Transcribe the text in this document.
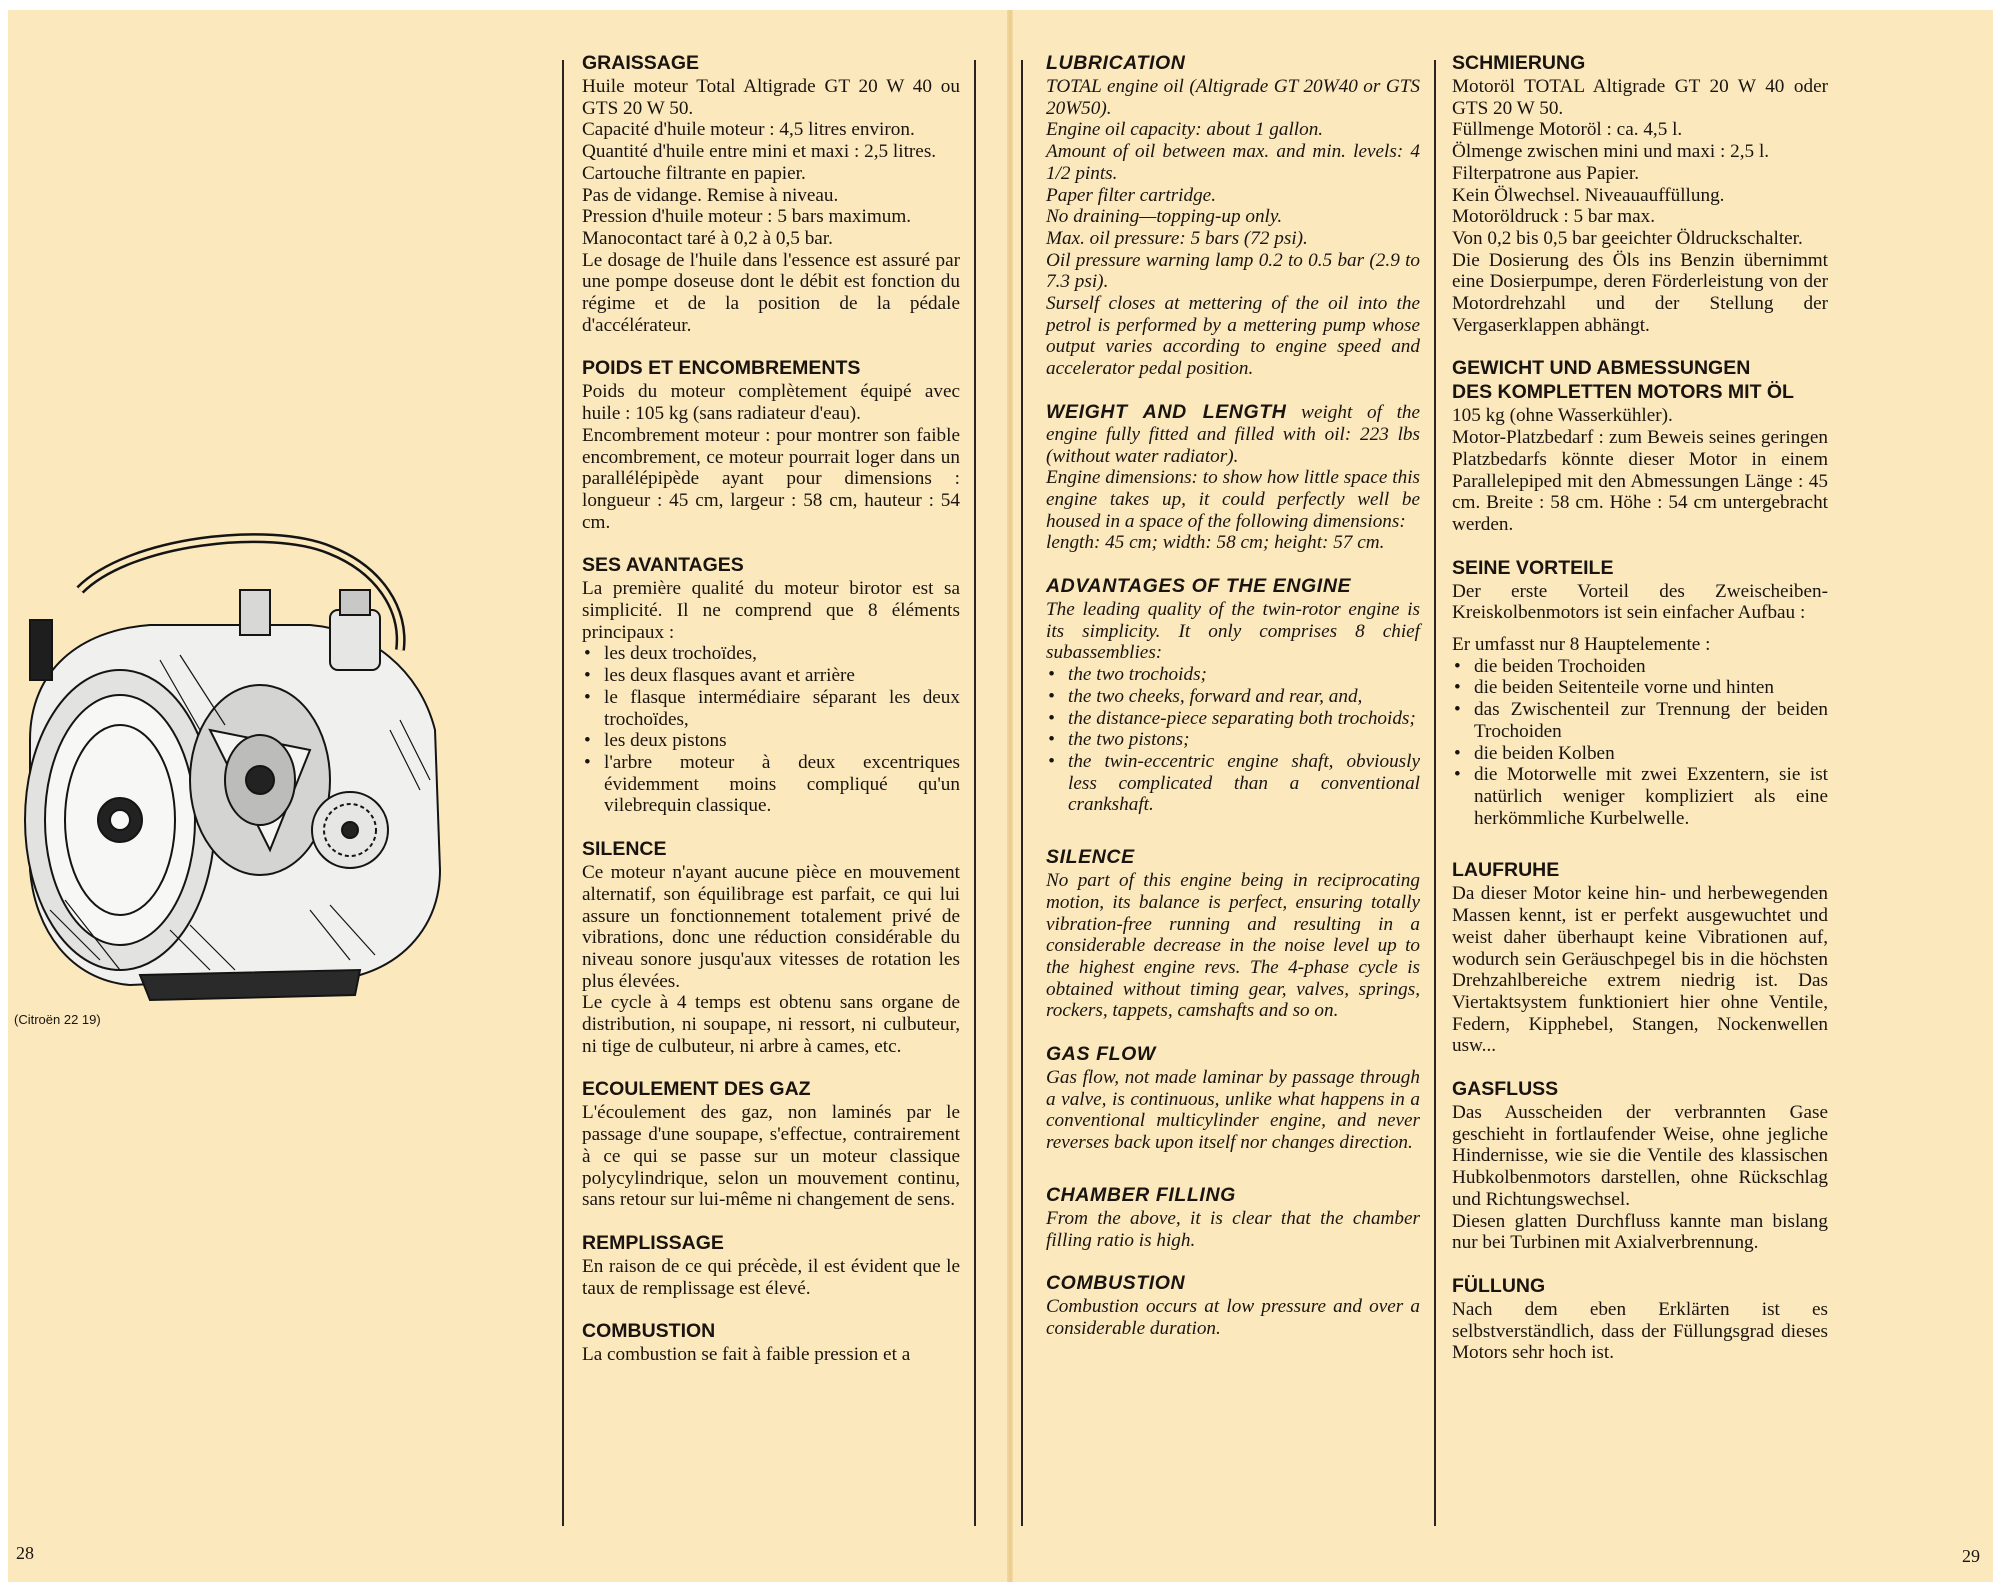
(Citroën 22 19)
GRAISSAGE

Huile moteur Total Altigrade GT 20 W 40 ou GTS 20 W 50.

Capacité d'huile moteur : 4,5 litres environ.

Quantité d'huile entre mini et maxi : 2,5 litres.

Cartouche filtrante en papier.

Pas de vidange. Remise à niveau.

Pression d'huile moteur : 5 bars maximum.

Manocontact taré à 0,2 à 0,5 bar.

Le dosage de l'huile dans l'essence est assuré par une pompe doseuse dont le débit est fonction du régime et de la position de la pédale d'accélérateur.

POIDS ET ENCOMBREMENTS

Poids du moteur complètement équipé avec huile : 105 kg (sans radiateur d'eau).

Encombrement moteur : pour montrer son faible encombrement, ce moteur pourrait loger dans un parallélépipède ayant pour dimensions : longueur : 45 cm, largeur : 58 cm, hauteur : 54 cm.

SES AVANTAGES

La première qualité du moteur birotor est sa simplicité. Il ne comprend que 8 éléments principaux :

• les deux trochoïdes,
• les deux flasques avant et arrière
• le flasque intermédiaire séparant les deux trochoïdes,
• les deux pistons
• l'arbre moteur à deux excentriques évidemment moins compliqué qu'un vilebrequin classique.
SILENCE

Ce moteur n'ayant aucune pièce en mouvement alternatif, son équilibrage est parfait, ce qui lui assure un fonctionnement totalement privé de vibrations, donc une réduction considérable du niveau sonore jusqu'aux vitesses de rotation les plus élevées.

Le cycle à 4 temps est obtenu sans organe de distribution, ni soupape, ni ressort, ni culbuteur, ni tige de culbuteur, ni arbre à cames, etc.

ECOULEMENT DES GAZ

L'écoulement des gaz, non laminés par le passage d'une soupape, s'effectue, contrairement à ce qui se passe sur un moteur classique polycylindrique, selon un mouvement continu, sans retour sur lui-même ni changement de sens.

REMPLISSAGE

En raison de ce qui précède, il est évident que le taux de remplissage est élevé.

COMBUSTION

La combustion se fait à faible pression et a

LUBRICATION

TOTAL engine oil (Altigrade GT 20W40 or GTS 20W50).

Engine oil capacity: about 1 gallon.

Amount of oil between max. and min. levels: 4 1/2 pints.

Paper filter cartridge.

No draining—topping-up only.

Max. oil pressure: 5 bars (72 psi).

Oil pressure warning lamp 0.2 to 0.5 bar (2.9 to 7.3 psi).

Surself closes at mettering of the oil into the petrol is performed by a mettering pump whose output varies according to engine speed and accelerator pedal position.

WEIGHT AND LENGTH weight of the engine fully fitted and filled with oil: 223 lbs (without water radiator).

Engine dimensions: to show how little space this engine takes up, it could perfectly well be housed in a space of the following dimensions:

length: 45 cm; width: 58 cm; height: 57 cm.

ADVANTAGES OF THE ENGINE

The leading quality of the twin-rotor engine is its simplicity. It only comprises 8 chief subassemblies:

• the two trochoids;
• the two cheeks, forward and rear, and,
• the distance-piece separating both trochoids;
• the two pistons;
• the twin-eccentric engine shaft, obviously less complicated than a conventional crankshaft.
SILENCE

No part of this engine being in reciprocating motion, its balance is perfect, ensuring totally vibration-free running and resulting in a considerable decrease in the noise level up to the highest engine revs. The 4-phase cycle is obtained without timing gear, valves, springs, rockers, tappets, camshafts and so on.

GAS FLOW

Gas flow, not made laminar by passage through a valve, is continuous, unlike what happens in a conventional multicylinder engine, and never reverses back upon itself nor changes direction.

CHAMBER FILLING

From the above, it is clear that the chamber filling ratio is high.

COMBUSTION

Combustion occurs at low pressure and over a considerable duration.

SCHMIERUNG

Motoröl TOTAL Altigrade GT 20 W 40 oder GTS 20 W 50.

Füllmenge Motoröl : ca. 4,5 l.

Ölmenge zwischen mini und maxi : 2,5 l.

Filterpatrone aus Papier.

Kein Ölwechsel. Niveauauffüllung.

Motoröldruck : 5 bar max.

Von 0,2 bis 0,5 bar geeichter Öldruckschalter.

Die Dosierung des Öls ins Benzin übernimmt eine Dosierpumpe, deren Förderleistung von der Motordrehzahl und der Stellung der Vergaserklappen abhängt.

GEWICHT UND ABMESSUNGEN
DES KOMPLETTEN MOTORS MIT ÖL

105 kg (ohne Wasserkühler).

Motor-Platzbedarf : zum Beweis seines geringen Platzbedarfs könnte dieser Motor in einem Parallelepiped mit den Abmessungen Länge : 45 cm. Breite : 58 cm. Höhe : 54 cm untergebracht werden.

SEINE VORTEILE

Der erste Vorteil des Zweischeiben-Kreiskolbenmotors ist sein einfacher Aufbau :

Er umfasst nur 8 Hauptelemente :

• die beiden Trochoiden
• die beiden Seitenteile vorne und hinten
• das Zwischenteil zur Trennung der beiden Trochoiden
• die beiden Kolben
• die Motorwelle mit zwei Exzentern, sie ist natürlich weniger kompliziert als eine herkömmliche Kurbelwelle.
LAUFRUHE

Da dieser Motor keine hin- und herbewegenden Massen kennt, ist er perfekt ausgewuchtet und weist daher überhaupt keine Vibrationen auf, wodurch sein Geräuschpegel bis in die höchsten Drehzahlbereiche extrem niedrig ist. Das Viertaktsystem funktioniert hier ohne Ventile, Federn, Kipphebel, Stangen, Nockenwellen usw...

GASFLUSS

Das Ausscheiden der verbrannten Gase geschieht in fortlaufender Weise, ohne jegliche Hindernisse, wie sie die Ventile des klassischen Hubkolbenmotors darstellen, ohne Rückschlag und Richtungswechsel.

Diesen glatten Durchfluss kannte man bislang nur bei Turbinen mit Axialverbrennung.

FÜLLUNG

Nach dem eben Erklärten ist es selbstverständlich, dass der Füllungsgrad dieses Motors sehr hoch ist.

28	29
